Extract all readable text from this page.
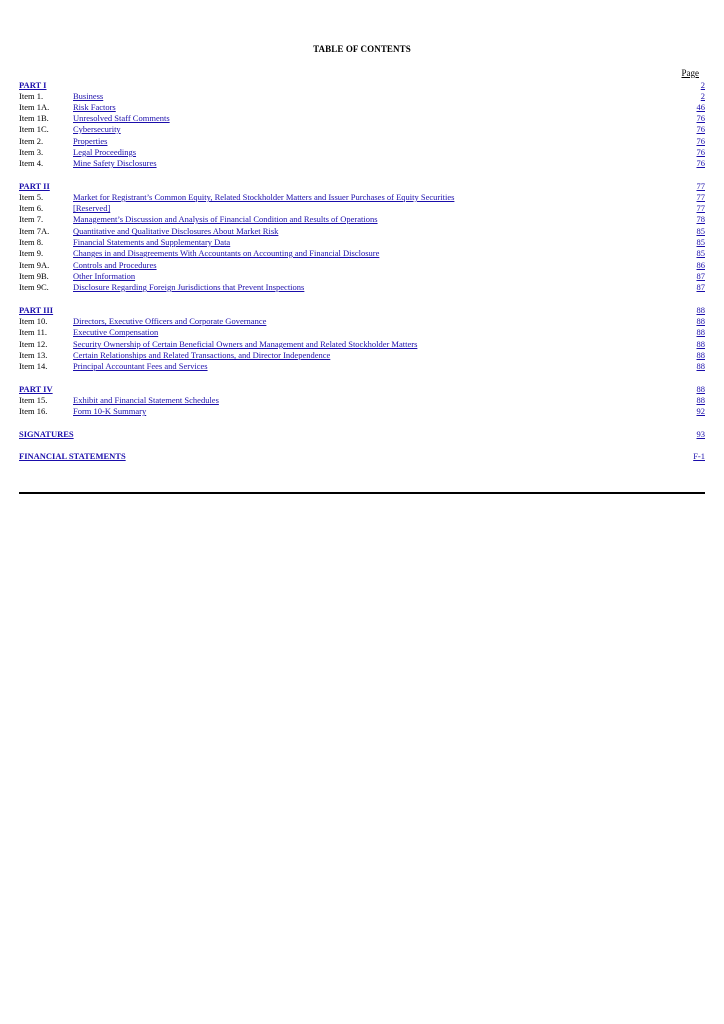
TABLE OF CONTENTS
Page
PART I	2
Item 1.	Business	2
Item 1A.	Risk Factors	46
Item 1B.	Unresolved Staff Comments	76
Item 1C.	Cybersecurity	76
Item 2.	Properties	76
Item 3.	Legal Proceedings	76
Item 4.	Mine Safety Disclosures	76
PART II	77
Item 5.	Market for Registrant’s Common Equity, Related Stockholder Matters and Issuer Purchases of Equity Securities	77
Item 6.	[Reserved]	77
Item 7.	Management’s Discussion and Analysis of Financial Condition and Results of Operations	78
Item 7A.	Quantitative and Qualitative Disclosures About Market Risk	85
Item 8.	Financial Statements and Supplementary Data	85
Item 9.	Changes in and Disagreements With Accountants on Accounting and Financial Disclosure	85
Item 9A.	Controls and Procedures	86
Item 9B.	Other Information	87
Item 9C.	Disclosure Regarding Foreign Jurisdictions that Prevent Inspections	87
PART III	88
Item 10.	Directors, Executive Officers and Corporate Governance	88
Item 11.	Executive Compensation	88
Item 12.	Security Ownership of Certain Beneficial Owners and Management and Related Stockholder Matters	88
Item 13.	Certain Relationships and Related Transactions, and Director Independence	88
Item 14.	Principal Accountant Fees and Services	88
PART IV	88
Item 15.	Exhibit and Financial Statement Schedules	88
Item 16.	Form 10-K Summary	92
SIGNATURES	93
FINANCIAL STATEMENTS	F-1
